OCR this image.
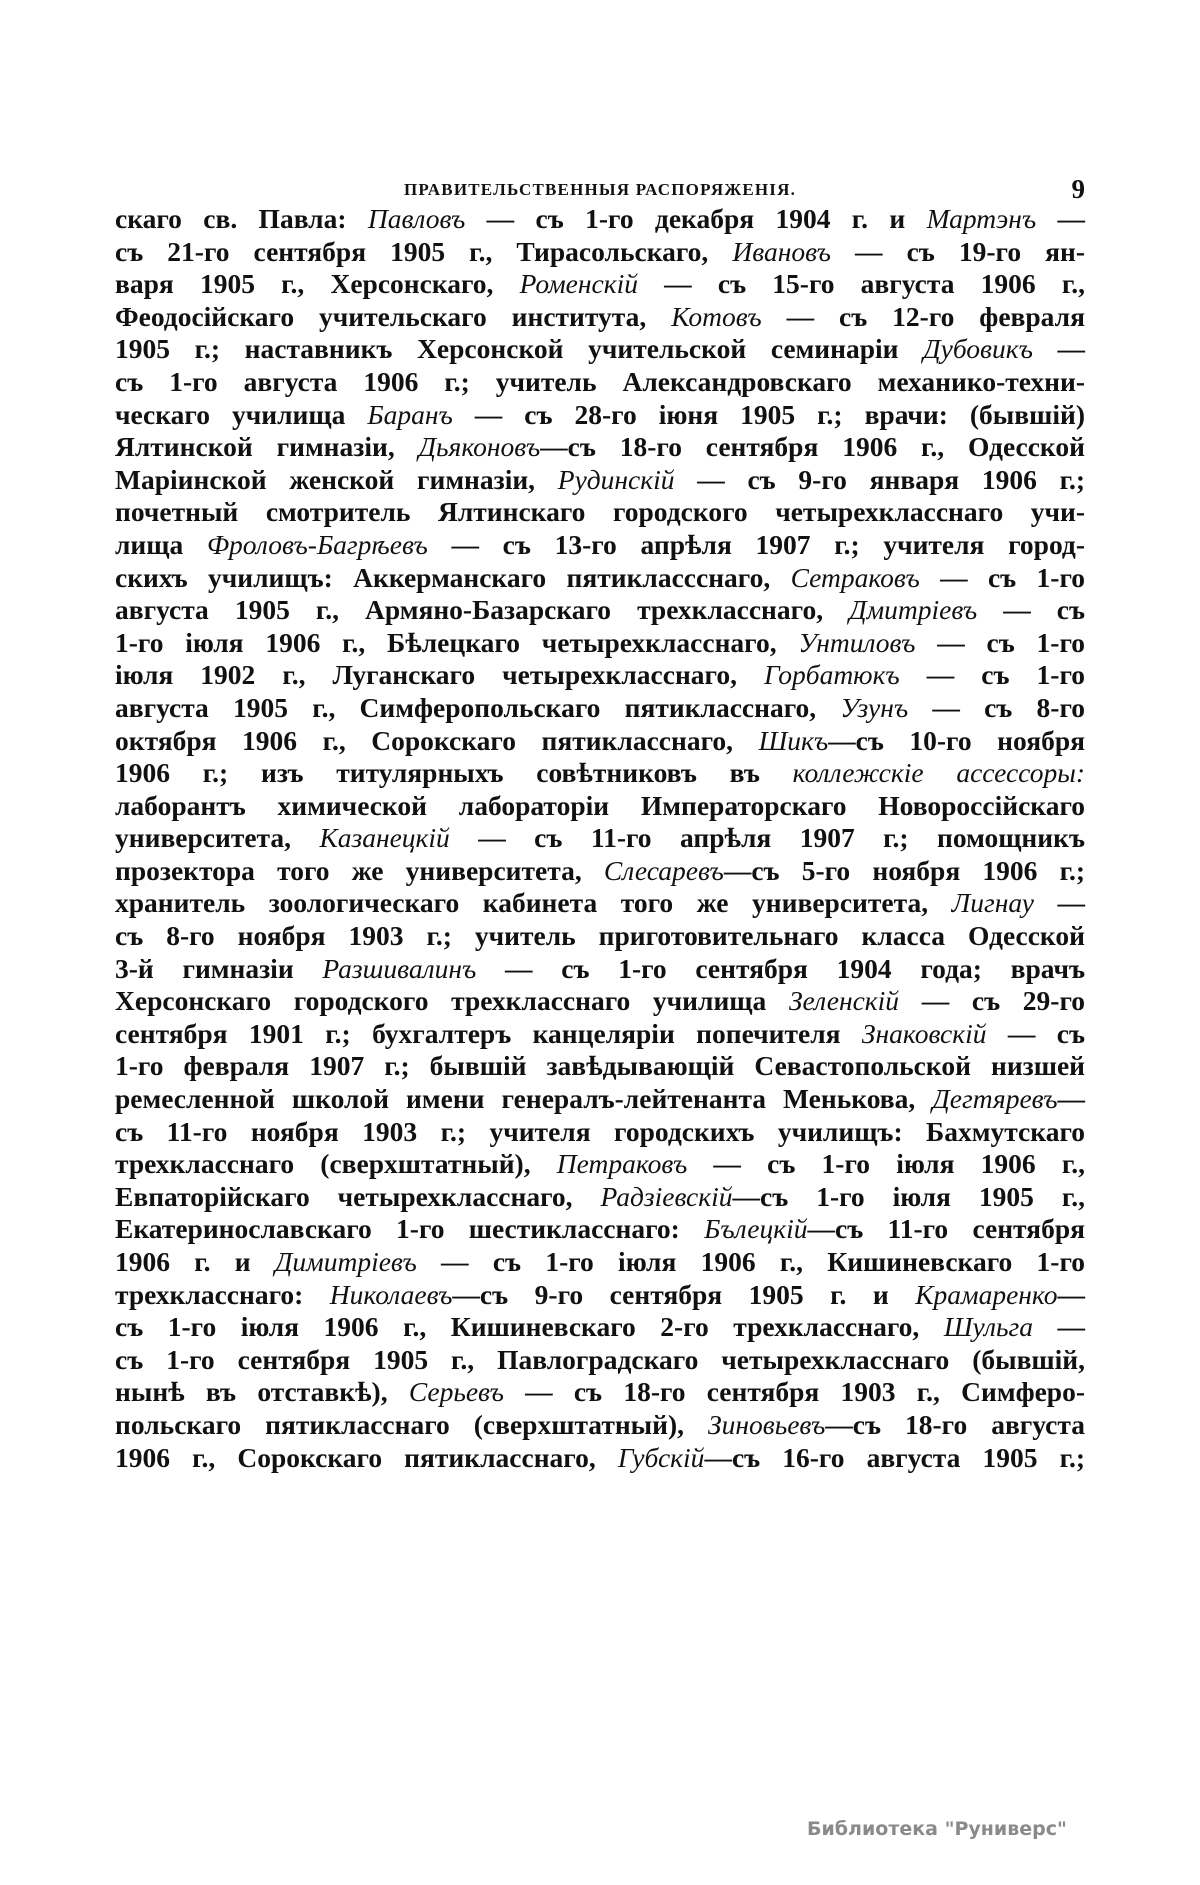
ПРАВИТЕЛЬСТВЕННЫЯ РАСПОРЯЖЕНІЯ.	9
скаго св. Павла: Павловъ — съ 1-го декабря 1904 г. и Мартэнъ —
съ 21-го сентября 1905 г., Тирасольскаго, Ивановъ — съ 19-го ян-
варя 1905 г., Херсонскаго, Роменскій — съ 15-го августа 1906 г.,
Феодосійскаго учительскаго института, Котовъ — съ 12-го февраля
1905 г.; наставникъ Херсонской учительской семинаріи Дубовикъ —
съ 1-го августа 1906 г.; учитель Александровскаго механико-техни-
ческаго училища Баранъ — съ 28-го іюня 1905 г.; врачи: (бывшій)
Ялтинской гимназіи, Дьяконовъ—съ 18-го сентября 1906 г., Одесской
Маріинской женской гимназіи, Рудинскій — съ 9-го января 1906 г.;
почетный смотритель Ялтинскаго городского четырехкласснаго учи-
лища Фроловъ-Багрѣевъ — съ 13-го апрѣля 1907 г.; учителя город-
скихъ училищъ: Аккерманскаго пятиклассснаго, Сетраковъ — съ 1-го
августа 1905 г., Армяно-Базарскаго трехкласснаго, Дмитріевъ — съ
1-го іюля 1906 г., Бѣлецкаго четырехкласснаго, Унтиловъ — съ 1-го
іюля 1902 г., Луганскаго четырехкласснаго, Горбатюкъ — съ 1-го
августа 1905 г., Симферопольскаго пятикласснаго, Узунъ — съ 8-го
октября 1906 г., Сорокскаго пятикласснаго, Шикъ—съ 10-го ноября
1906 г.; изъ титулярныхъ совѣтниковъ въ коллежскіе ассессоры:
лаборантъ химической лабораторіи Императорскаго Новороссійскаго
университета, Казанецкій — съ 11-го апрѣля 1907 г.; помощникъ
прозектора того же университета, Слесаревъ—съ 5-го ноября 1906 г.;
хранитель зоологическаго кабинета того же университета, Лигнау —
съ 8-го ноября 1903 г.; учитель приготовительнаго класса Одесской
3-й гимназіи Разшивалинъ — съ 1-го сентября 1904 года; врачъ
Херсонскаго городского трехкласснаго училища Зеленскій — съ 29-го
сентября 1901 г.; бухгалтеръ канцеляріи попечителя Знаковскій — съ
1-го февраля 1907 г.; бывшій завѣдывающій Севастопольской низшей
ремесленной школой имени генералъ-лейтенанта Менькова, Дегтяревъ—
съ 11-го ноября 1903 г.; учителя городскихъ училищъ: Бахмутскаго
трехкласснаго (сверхштатный), Петраковъ — съ 1-го іюля 1906 г.,
Евпаторійскаго четырехкласснаго, Радзіевскій—съ 1-го іюля 1905 г.,
Екатеринославскаго 1-го шестикласснаго: Бълецкій—съ 11-го сентября
1906 г. и Димитріевъ — съ 1-го іюля 1906 г., Кишиневскаго 1-го
трехкласснаго: Николаевъ—съ 9-го сентября 1905 г. и Крамаренко—
съ 1-го іюля 1906 г., Кишиневскаго 2-го трехкласснаго, Шульга —
съ 1-го сентября 1905 г., Павлоградскаго четырехкласснаго (бывшій,
нынѣ въ отставкѣ), Серьевъ — съ 18-го сентября 1903 г., Симферо-
польскаго пятикласснаго (сверхштатный), Зиновьевъ—съ 18-го августа
1906 г., Сорокскаго пятикласснаго, Губскій—съ 16-го августа 1905 г.;
Библиотека "Руниверс"
